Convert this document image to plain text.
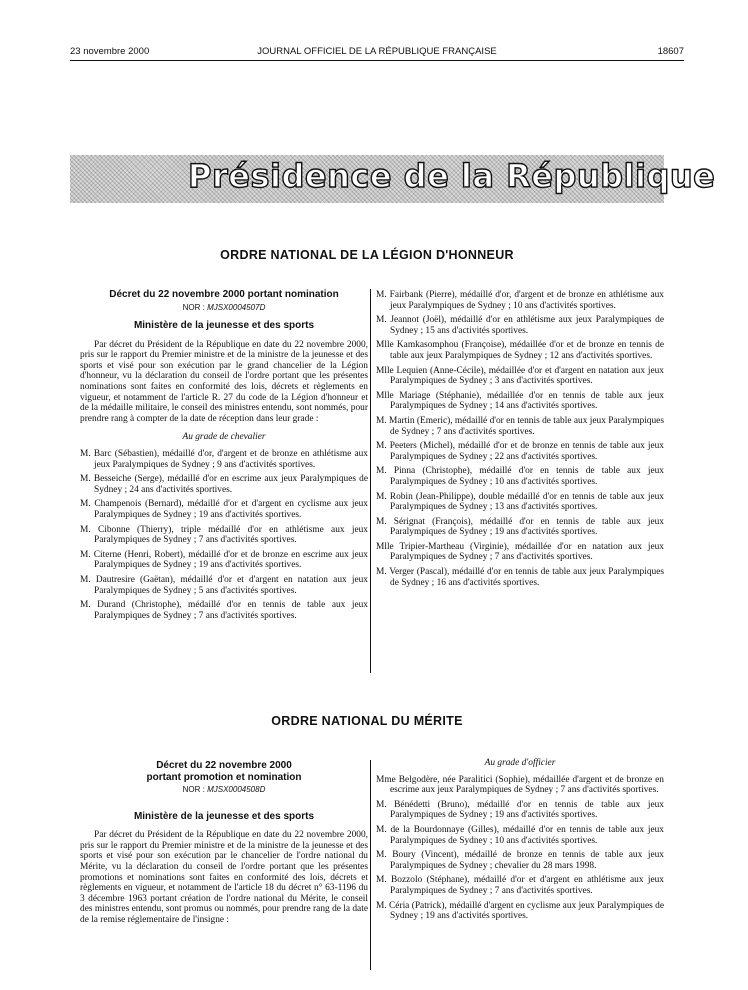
23 novembre 2000	JOURNAL OFFICIEL DE LA RÉPUBLIQUE FRANÇAISE	18607
Présidence de la République
ORDRE NATIONAL DE LA LÉGION D'HONNEUR
Décret du 22 novembre 2000 portant nomination
NOR : MJSX0004507D
Ministère de la jeunesse et des sports
Par décret du Président de la République en date du 22 novembre 2000, pris sur le rapport du Premier ministre et de la ministre de la jeunesse et des sports et visé pour son exécution par le grand chancelier de la Légion d'honneur, vu la déclaration du conseil de l'ordre portant que les présentes nominations sont faites en conformité des lois, décrets et règlements en vigueur, et notamment de l'article R. 27 du code de la Légion d'honneur et de la médaille militaire, le conseil des ministres entendu, sont nommés, pour prendre rang à compter de la date de réception dans leur grade :
Au grade de chevalier
M. Barc (Sébastien), médaillé d'or, d'argent et de bronze en athlétisme aux jeux Paralympiques de Sydney ; 9 ans d'activités sportives.
M. Besseiche (Serge), médaillé d'or en escrime aux jeux Paralympiques de Sydney ; 24 ans d'activités sportives.
M. Champenois (Bernard), médaillé d'or et d'argent en cyclisme aux jeux Paralympiques de Sydney ; 19 ans d'activités sportives.
M. Cibonne (Thierry), triple médaillé d'or en athlétisme aux jeux Paralympiques de Sydney ; 7 ans d'activités sportives.
M. Citerne (Henri, Robert), médaillé d'or et de bronze en escrime aux jeux Paralympiques de Sydney ; 19 ans d'activités sportives.
M. Dautresire (Gaëtan), médaillé d'or et d'argent en natation aux jeux Paralympiques de Sydney ; 5 ans d'activités sportives.
M. Durand (Christophe), médaillé d'or en tennis de table aux jeux Paralympiques de Sydney ; 7 ans d'activités sportives.
M. Fairbank (Pierre), médaillé d'or, d'argent et de bronze en athlétisme aux jeux Paralympiques de Sydney ; 10 ans d'activités sportives.
M. Jeannot (Joël), médaillé d'or en athlétisme aux jeux Paralympiques de Sydney ; 15 ans d'activités sportives.
Mlle Kamkasomphou (Françoise), médaillée d'or et de bronze en tennis de table aux jeux Paralympiques de Sydney ; 12 ans d'activités sportives.
Mlle Lequien (Anne-Cécile), médaillée d'or et d'argent en natation aux jeux Paralympiques de Sydney ; 3 ans d'activités sportives.
Mlle Mariage (Stéphanie), médaillée d'or en tennis de table aux jeux Paralympiques de Sydney ; 14 ans d'activités sportives.
M. Martin (Emeric), médaillé d'or en tennis de table aux jeux Paralympiques de Sydney ; 7 ans d'activités sportives.
M. Peeters (Michel), médaillé d'or et de bronze en tennis de table aux jeux Paralympiques de Sydney ; 22 ans d'activités sportives.
M. Pinna (Christophe), médaillé d'or en tennis de table aux jeux Paralympiques de Sydney ; 10 ans d'activités sportives.
M. Robin (Jean-Philippe), double médaillé d'or en tennis de table aux jeux Paralympiques de Sydney ; 13 ans d'activités sportives.
M. Sérignat (François), médaillé d'or en tennis de table aux jeux Paralympiques de Sydney ; 19 ans d'activités sportives.
Mlle Tripier-Martheau (Virginie), médaillée d'or en natation aux jeux Paralympiques de Sydney ; 7 ans d'activités sportives.
M. Verger (Pascal), médaillé d'or en tennis de table aux jeux Paralympiques de Sydney ; 16 ans d'activités sportives.
ORDRE NATIONAL DU MÉRITE
Décret du 22 novembre 2000
portant promotion et nomination
NOR : MJSX0004508D
Ministère de la jeunesse et des sports
Par décret du Président de la République en date du 22 novembre 2000, pris sur le rapport du Premier ministre et de la ministre de la jeunesse et des sports et visé pour son exécution par le chancelier de l'ordre national du Mérite, vu la déclaration du conseil de l'ordre portant que les présentes promotions et nominations sont faites en conformité des lois, décrets et règlements en vigueur, et notamment de l'article 18 du décret n° 63-1196 du 3 décembre 1963 portant création de l'ordre national du Mérite, le conseil des ministres entendu, sont promus ou nommés, pour prendre rang de la date de la remise réglementaire de l'insigne :
Au grade d'officier
Mme Belgodère, née Paralitici (Sophie), médaillée d'argent et de bronze en escrime aux jeux Paralympiques de Sydney ; 7 ans d'activités sportives.
M. Bénédetti (Bruno), médaillé d'or en tennis de table aux jeux Paralympiques de Sydney ; 19 ans d'activités sportives.
M. de la Bourdonnaye (Gilles), médaillé d'or en tennis de table aux jeux Paralympiques de Sydney ; 10 ans d'activités sportives.
M. Boury (Vincent), médaillé de bronze en tennis de table aux jeux Paralympiques de Sydney ; chevalier du 28 mars 1998.
M. Bozzolo (Stéphane), médaillé d'or et d'argent en athlétisme aux jeux Paralympiques de Sydney ; 7 ans d'activités sportives.
M. Céria (Patrick), médaillé d'argent en cyclisme aux jeux Paralympiques de Sydney ; 19 ans d'activités sportives.
